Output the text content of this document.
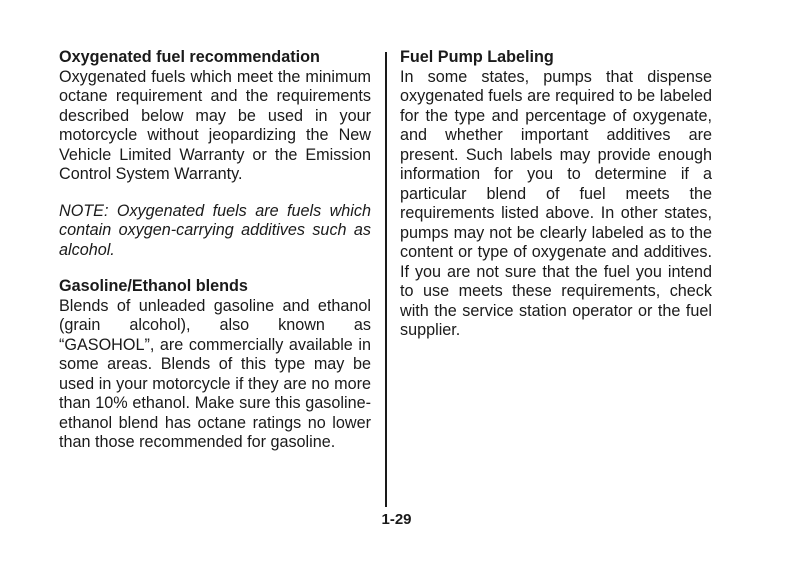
Oxygenated fuel recommendation

Oxygenated fuels which meet the minimum octane requirement and the requirements described below may be used in your motorcycle without jeopardizing the New Vehicle Limited Warranty or the Emission Control System Warranty.

NOTE: Oxygenated fuels are fuels which contain oxygen-carrying additives such as alcohol.

Gasoline/Ethanol blends

Blends of unleaded gasoline and ethanol (grain alcohol), also known as “GASOHOL”, are commercially available in some areas. Blends of this type may be used in your motorcycle if they are no more than 10% ethanol. Make sure this gasoline-ethanol blend has octane ratings no lower than those recommended for gasoline.

Fuel Pump Labeling

In some states, pumps that dispense oxygenated fuels are required to be labeled for the type and percentage of oxygenate, and whether important additives are present. Such labels may provide enough information for you to determine if a particular blend of fuel meets the requirements listed above. In other states, pumps may not be clearly labeled as to the content or type of oxygenate and additives. If you are not sure that the fuel you intend to use meets these requirements, check with the service station operator or the fuel supplier.

1-29
